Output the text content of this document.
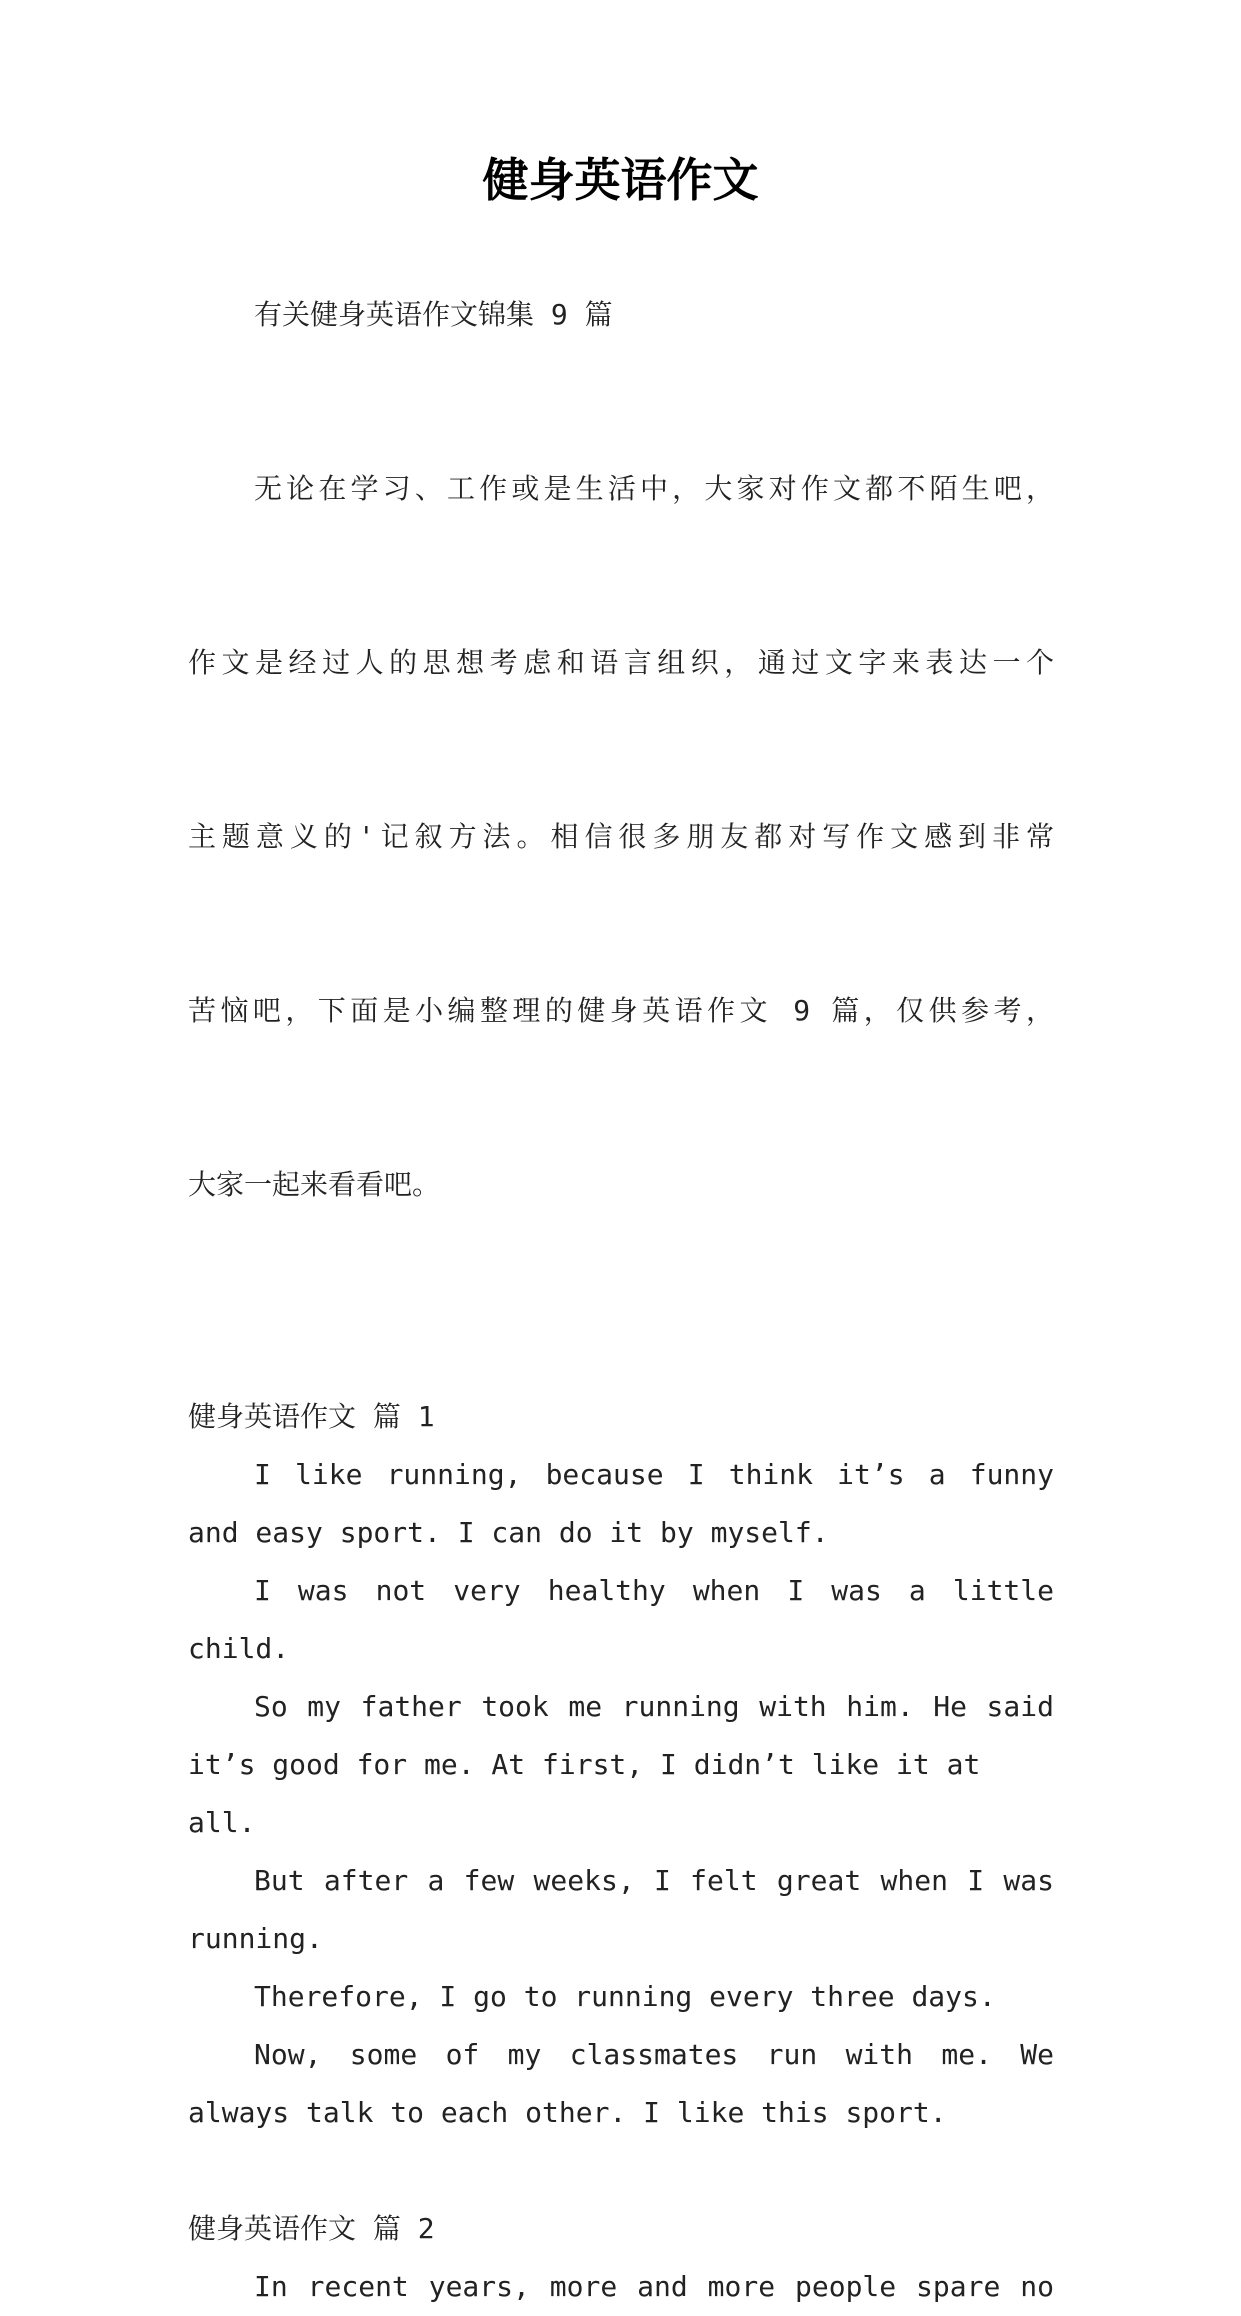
健身英语作文
有关健身英语作文锦集 9 篇

无论在学习、工作或是生活中，大家对作文都不陌生吧，

作文是经过人的思想考虑和语言组织，通过文字来表达一个

主题意义的'记叙方法。相信很多朋友都对写作文感到非常

苦恼吧，下面是小编整理的健身英语作文 9 篇，仅供参考，

大家一起来看看吧。

健身英语作文 篇 1
I like running, because I think it’s a funny
and easy sport. I can do it by myself.
I was not very healthy when I was a little
child.
So my father took me running with him. He said
it’s good for me. At first, I didn’t like it at all.
But after a few weeks, I felt great when I was
running.
Therefore, I go to running every three days.
Now, some of my classmates run with me. We
always talk to each other. I like this sport.
健身英语作文 篇 2
In recent years, more and more people spare no
